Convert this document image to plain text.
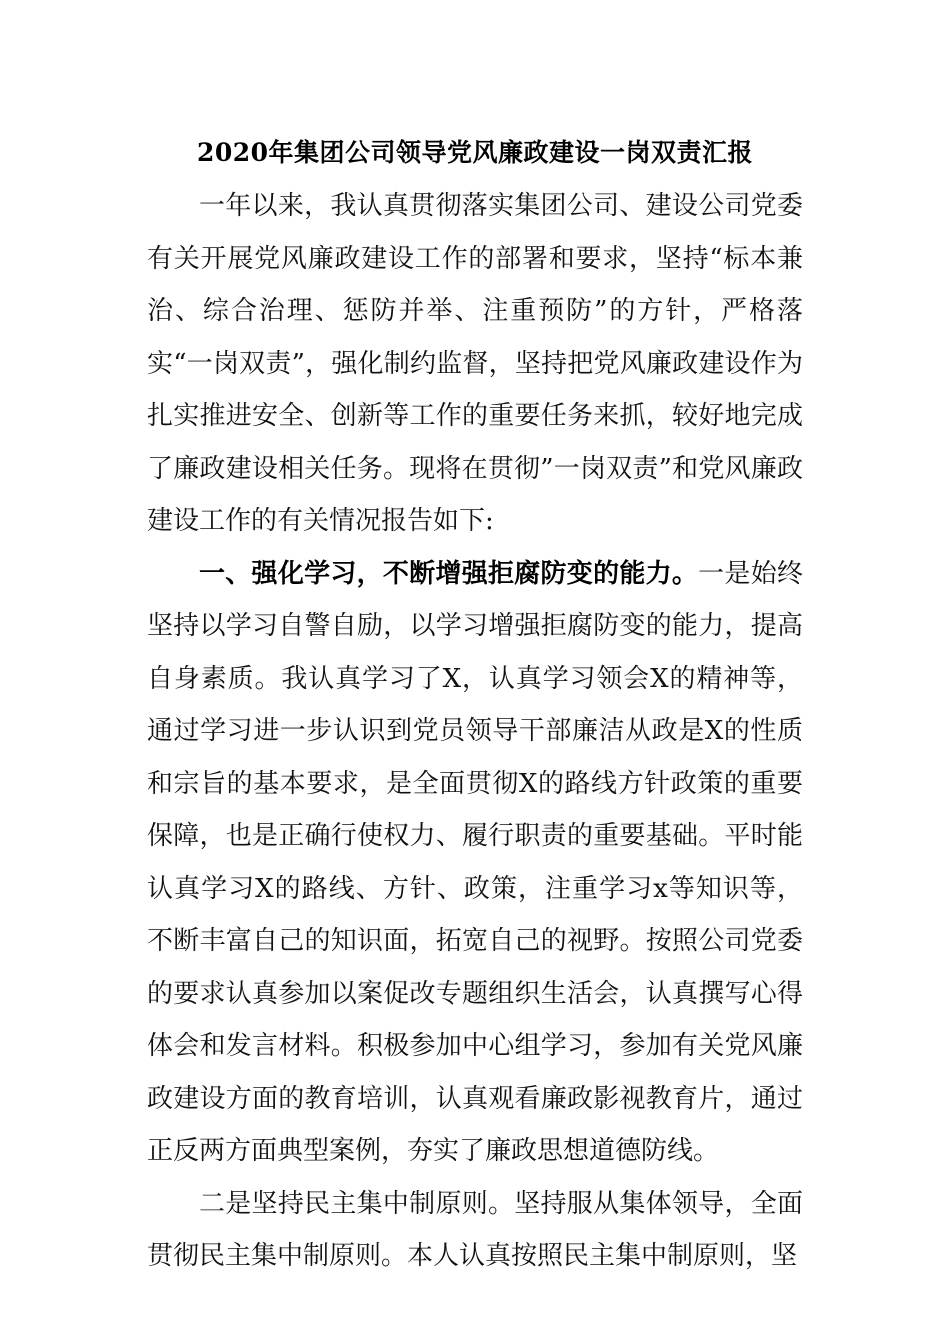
2020年集团公司领导党风廉政建设一岗双责汇报

一年以来，我认真贯彻落实集团公司、建设公司党委有关开展党风廉政建设工作的部署和要求，坚持“标本兼治、综合治理、惩防并举、注重预防”的方针，严格落实“一岗双责”，强化制约监督，坚持把党风廉政建设作为扎实推进安全、创新等工作的重要任务来抓，较好地完成了廉政建设相关任务。现将在贯彻”一岗双责”和党风廉政建设工作的有关情况报告如下:

一、强化学习，不断增强拒腐防变的能力。一是始终坚持以学习自警自励，以学习增强拒腐防变的能力，提高自身素质。我认真学习了X，认真学习领会X的精神等，通过学习进一步认识到党员领导干部廉洁从政是X的性质和宗旨的基本要求，是全面贯彻X的路线方针政策的重要保障，也是正确行使权力、履行职责的重要基础。平时能认真学习X的路线、方针、政策，注重学习x等知识等，不断丰富自己的知识面，拓宽自己的视野。按照公司党委的要求认真参加以案促改专题组织生活会，认真撰写心得体会和发言材料。积极参加中心组学习，参加有关党风廉政建设方面的教育培训，认真观看廉政影视教育片，通过正反两方面典型案例，夯实了廉政思想道德防线。

二是坚持民主集中制原则。坚持服从集体领导，全面贯彻民主集中制原则。本人认真按照民主集中制原则，坚
